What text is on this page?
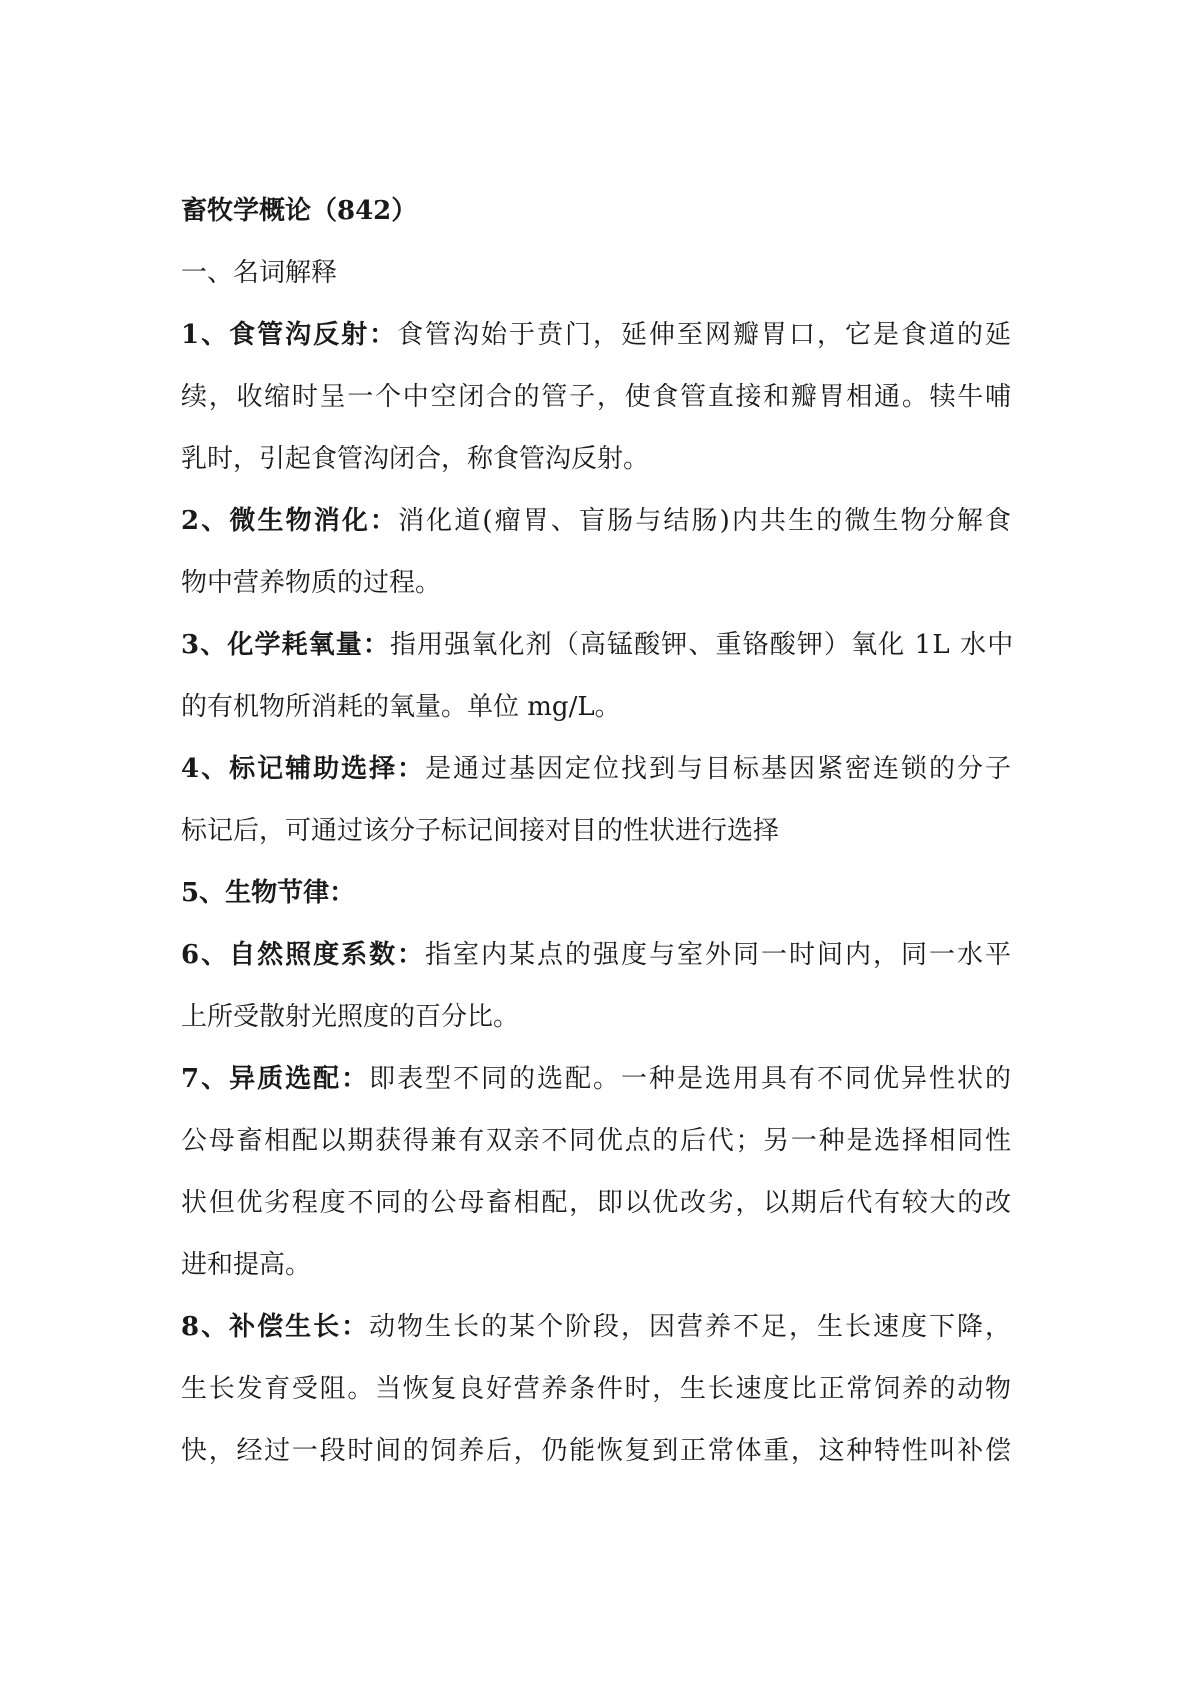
畜牧学概论（842）
一、名词解释
1、食管沟反射：食管沟始于贲门，延伸至网瓣胃口，它是食道的延
续，收缩时呈一个中空闭合的管子，使食管直接和瓣胃相通。犊牛哺
乳时，引起食管沟闭合，称食管沟反射。
2、微生物消化：消化道(瘤胃、盲肠与结肠)内共生的微生物分解食
物中营养物质的过程。
3、化学耗氧量：指用强氧化剂（高锰酸钾、重铬酸钾）氧化 1L 水中
的有机物所消耗的氧量。单位 mg/L。
4、标记辅助选择：是通过基因定位找到与目标基因紧密连锁的分子
标记后，可通过该分子标记间接对目的性状进行选择
5、生物节律：
6、自然照度系数：指室内某点的强度与室外同一时间内，同一水平
上所受散射光照度的百分比。
7、异质选配：即表型不同的选配。一种是选用具有不同优异性状的
公母畜相配以期获得兼有双亲不同优点的后代；另一种是选择相同性
状但优劣程度不同的公母畜相配，即以优改劣，以期后代有较大的改
进和提高。
8、补偿生长：动物生长的某个阶段，因营养不足，生长速度下降，
生长发育受阻。当恢复良好营养条件时，生长速度比正常饲养的动物
快，经过一段时间的饲养后，仍能恢复到正常体重，这种特性叫补偿
